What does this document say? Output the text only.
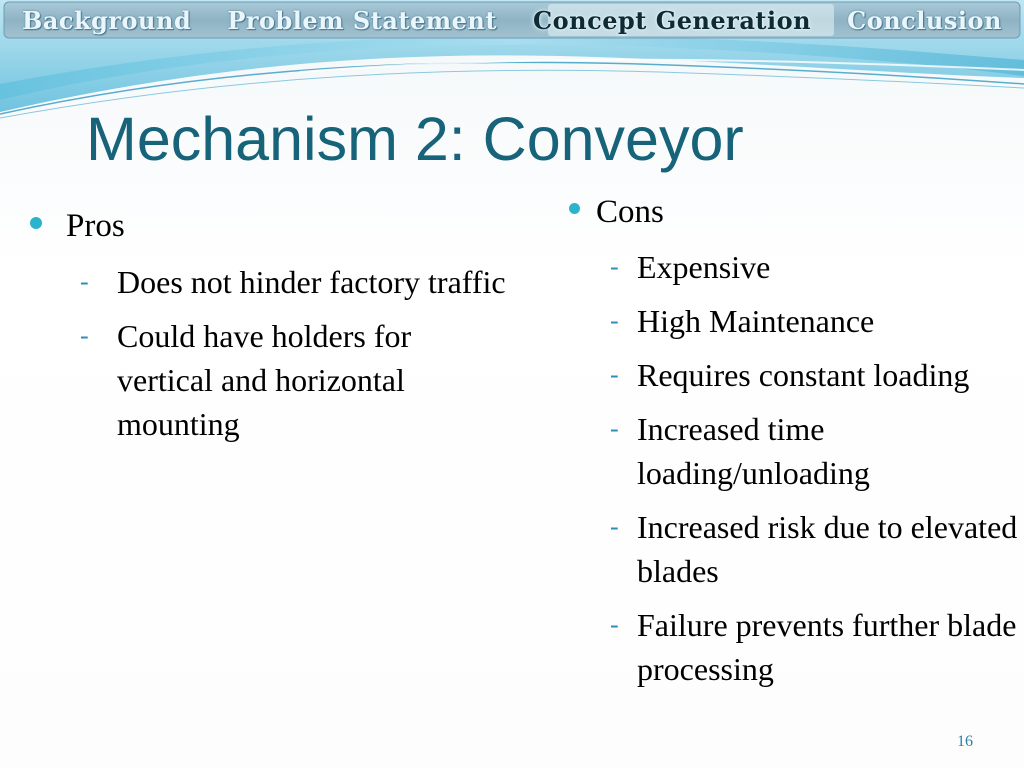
Background Problem Statement Concept Generation Conclusion
Mechanism 2: Conveyor
Pros
- Does not hinder factory traffic
- Could have holders for vertical and horizontal mounting
Cons
- Expensive
- High Maintenance
- Requires constant loading
- Increased time loading/unloading
- Increased risk due to elevated blades
- Failure prevents further blade processing
16
